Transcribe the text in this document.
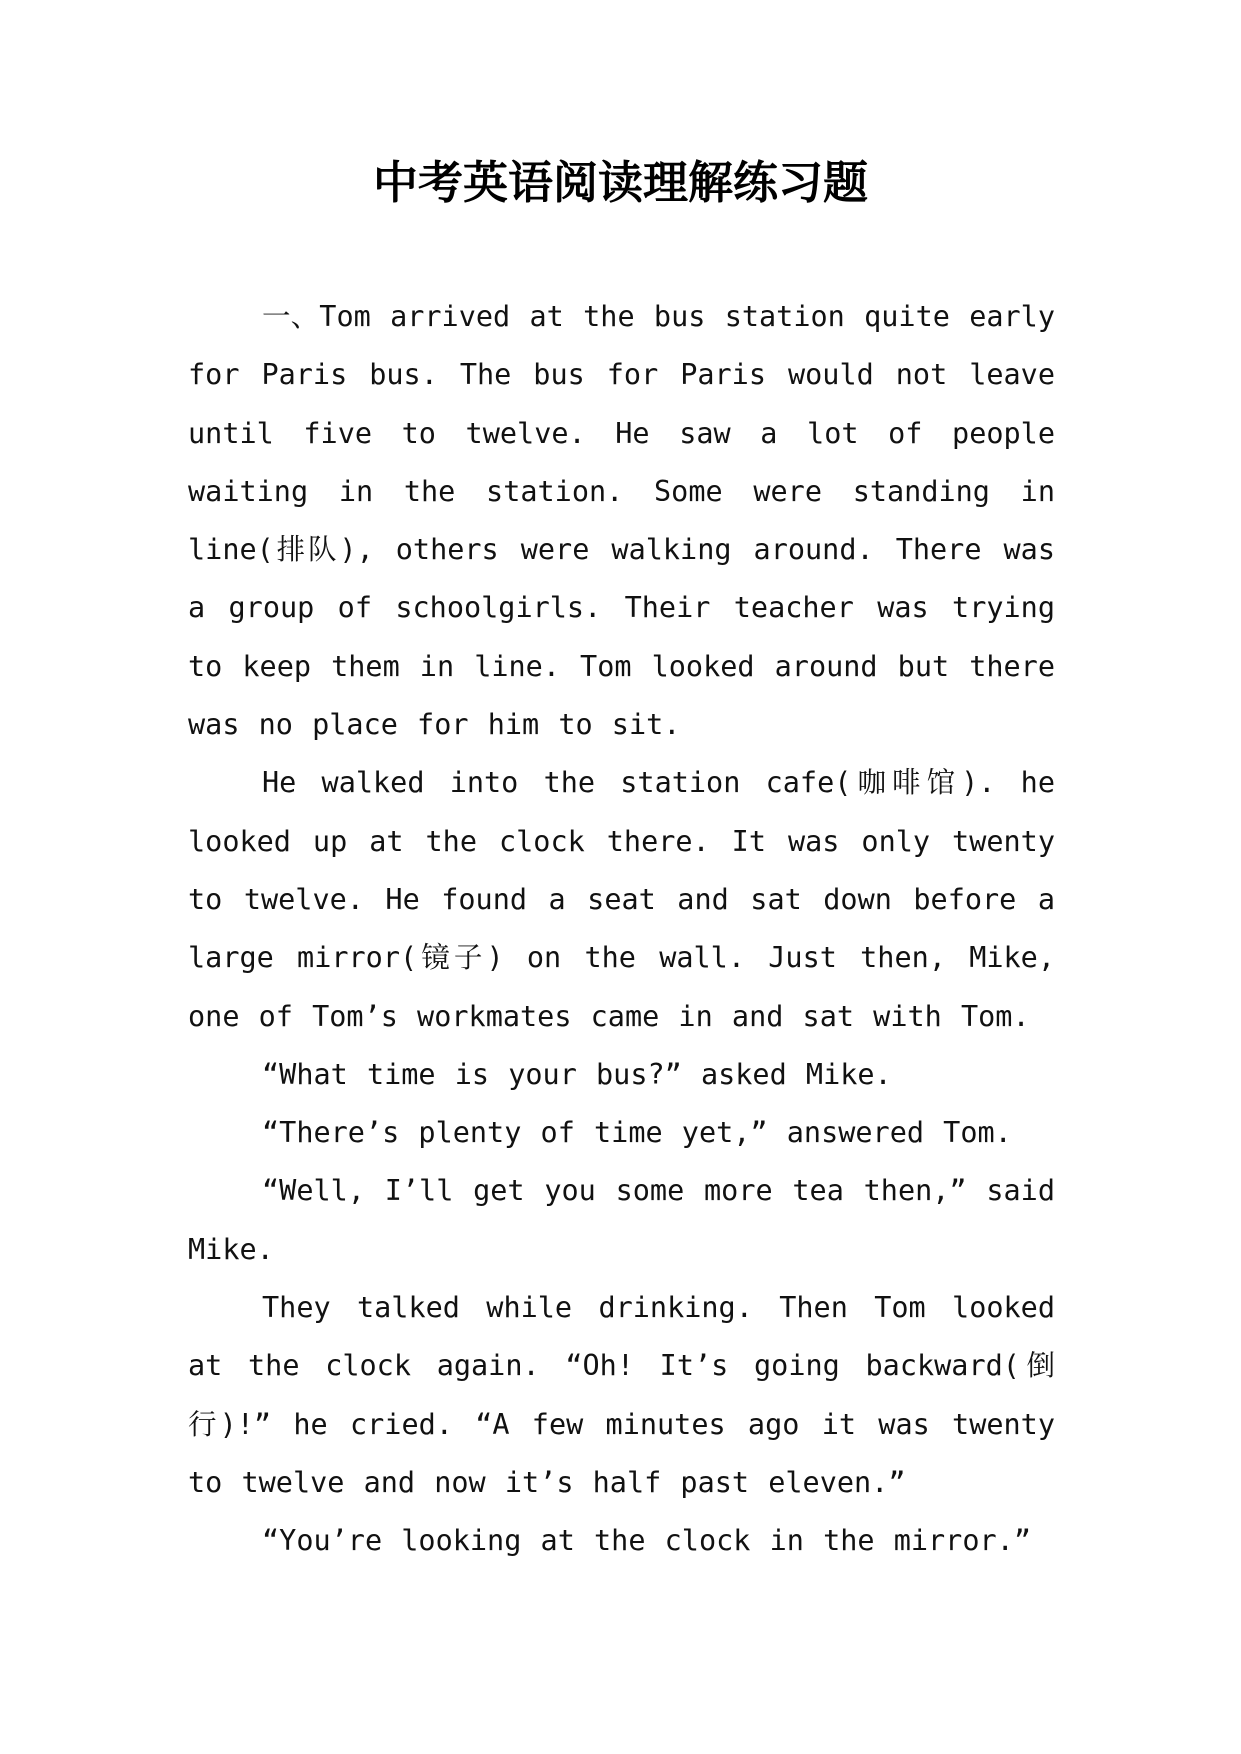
中考英语阅读理解练习题

一、Tom arrived at the bus station quite early for Paris bus. The bus for Paris would not leave until five to twelve. He saw a lot of people waiting in the station. Some were standing in line(排队), others were walking around. There was a group of schoolgirls. Their teacher was trying to keep them in line. Tom looked around but there was no place for him to sit.

He walked into the station cafe(咖啡馆). he looked up at the clock there. It was only twenty to twelve. He found a seat and sat down before a large mirror(镜子) on the wall. Just then, Mike, one of Tom’s workmates came in and sat with Tom.

“What time is your bus?” asked Mike.

“There’s plenty of time yet,” answered Tom.

“Well, I’ll get you some more tea then,” said Mike.

They talked while drinking. Then Tom looked at the clock again. “Oh! It’s going backward(倒行)!” he cried. “A few minutes ago it was twenty to twelve and now it’s half past eleven.”

“You’re looking at the clock in the mirror.”
